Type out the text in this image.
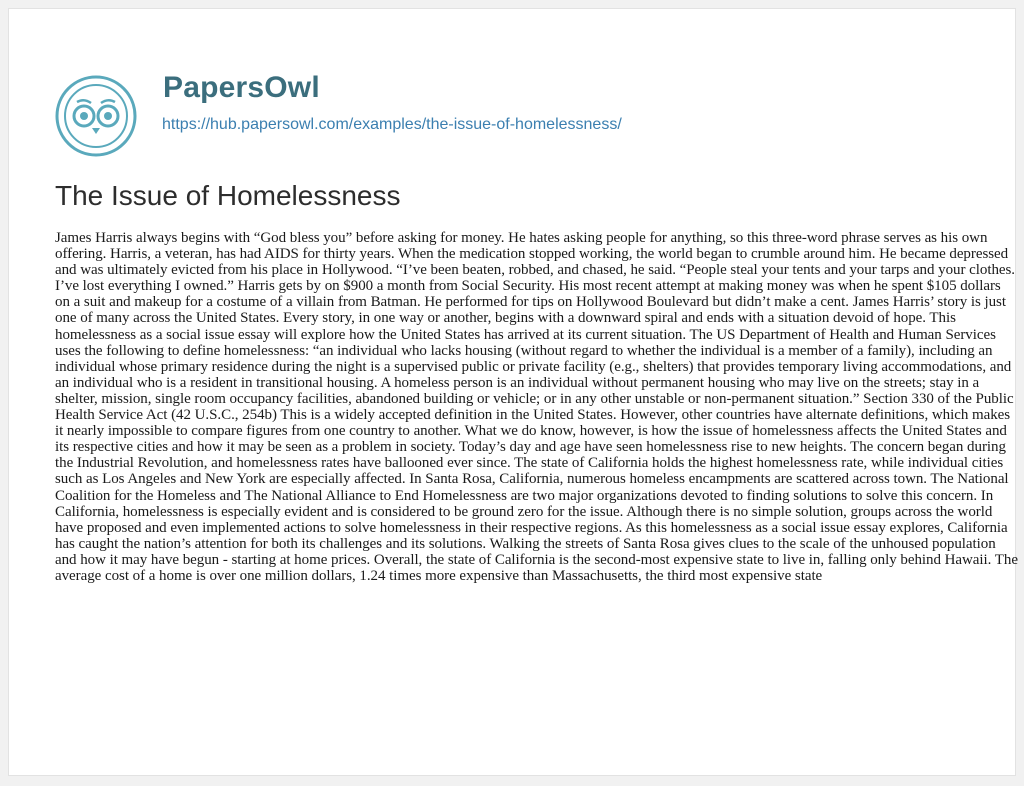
PapersOwl
https://hub.papersowl.com/examples/the-issue-of-homelessness/
The Issue of Homelessness

James Harris always begins with “God bless you” before asking for money. He hates asking people for anything, so this three-word phrase serves as his own offering. Harris, a veteran, has had AIDS for thirty years. When the medication stopped working, the world began to crumble around him. He became depressed and was ultimately evicted from his place in Hollywood. “I’ve been beaten, robbed, and chased, he said. “People steal your tents and your tarps and your clothes. I’ve lost everything I owned.” Harris gets by on $900 a month from Social Security. His most recent attempt at making money was when he spent $105 dollars on a suit and makeup for a costume of a villain from Batman. He performed for tips on Hollywood Boulevard but didn’t make a cent. James Harris’ story is just one of many across the United States. Every story, in one way or another, begins with a downward spiral and ends with a situation devoid of hope. This homelessness as a social issue essay will explore how the United States has arrived at its current situation. The US Department of Health and Human Services uses the following to define homelessness: “an individual who lacks housing (without regard to whether the individual is a member of a family), including an individual whose primary residence during the night is a supervised public or private facility (e.g., shelters) that provides temporary living accommodations, and an individual who is a resident in transitional housing. A homeless person is an individual without permanent housing who may live on the streets; stay in a shelter, mission, single room occupancy facilities, abandoned building or vehicle; or in any other unstable or non-permanent situation.” Section 330 of the Public Health Service Act (42 U.S.C., 254b) This is a widely accepted definition in the United States. However, other countries have alternate definitions, which makes it nearly impossible to compare figures from one country to another. What we do know, however, is how the issue of homelessness affects the United States and its respective cities and how it may be seen as a problem in society. Today’s day and age have seen homelessness rise to new heights. The concern began during the Industrial Revolution, and homelessness rates have ballooned ever since. The state of California holds the highest homelessness rate, while individual cities such as Los Angeles and New York are especially affected. In Santa Rosa, California, numerous homeless encampments are scattered across town. The National Coalition for the Homeless and The National Alliance to End Homelessness are two major organizations devoted to finding solutions to solve this concern. In California, homelessness is especially evident and is considered to be ground zero for the issue. Although there is no simple solution, groups across the world have proposed and even implemented actions to solve homelessness in their respective regions. As this homelessness as a social issue essay explores, California has caught the nation’s attention for both its challenges and its solutions. Walking the streets of Santa Rosa gives clues to the scale of the unhoused population and how it may have begun - starting at home prices. Overall, the state of California is the second-most expensive state to live in, falling only behind Hawaii. The average cost of a home is over one million dollars, 1.24 times more expensive than Massachusetts, the third most expensive state
